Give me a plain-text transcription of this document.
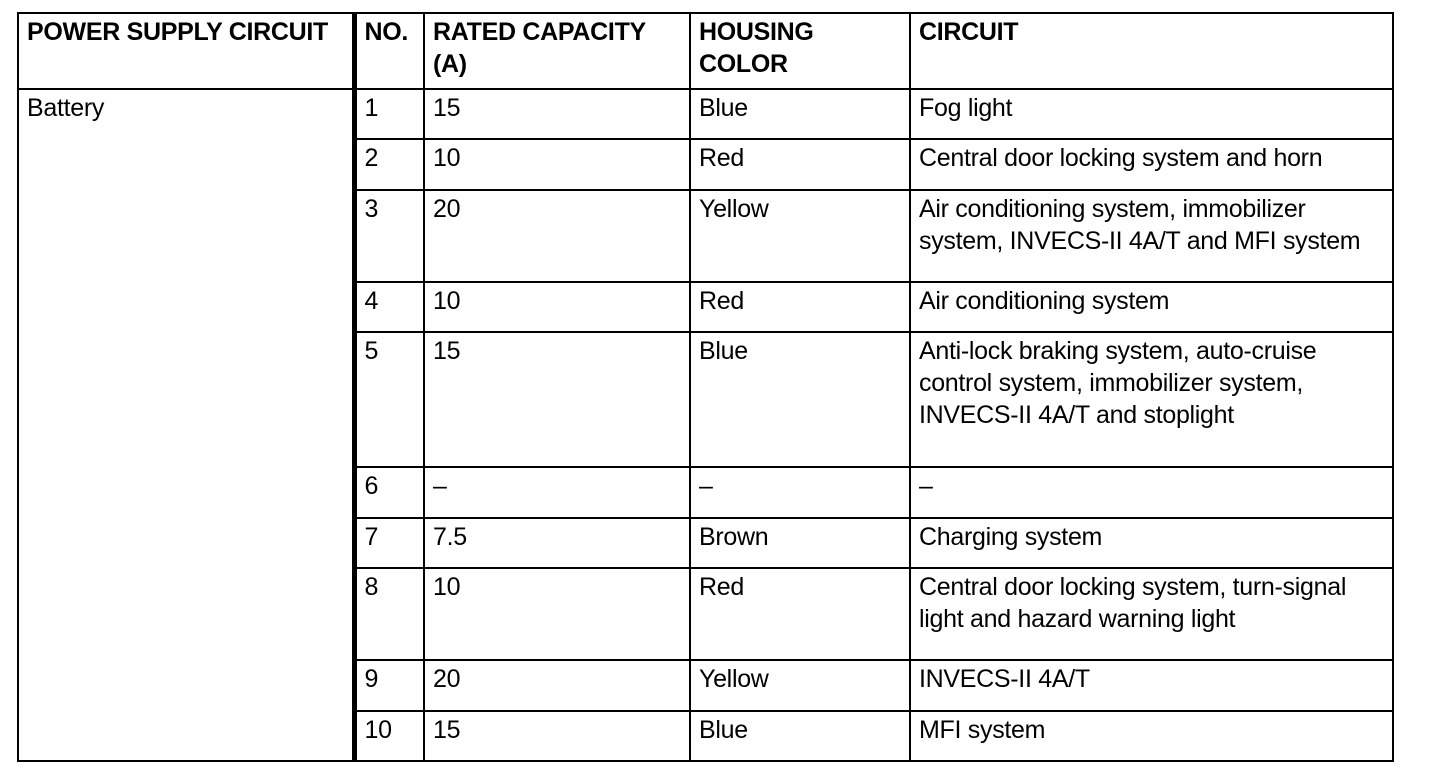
POWER SUPPLY CIRCUIT	NO.	RATED CAPACITY (A)	HOUSING COLOR	CIRCUIT
Battery	1	15	Blue	Fog light
	2	10	Red	Central door locking system and horn
	3	20	Yellow	Air conditioning system, immobilizer system, INVECS-II 4A/T and MFI system
	4	10	Red	Air conditioning system
	5	15	Blue	Anti-lock braking system, auto-cruise control system, immobilizer system, INVECS-II 4A/T and stoplight
	6	–	–	–
	7	7.5	Brown	Charging system
	8	10	Red	Central door locking system, turn-signal light and hazard warning light
	9	20	Yellow	INVECS-II 4A/T
	10	15	Blue	MFI system
